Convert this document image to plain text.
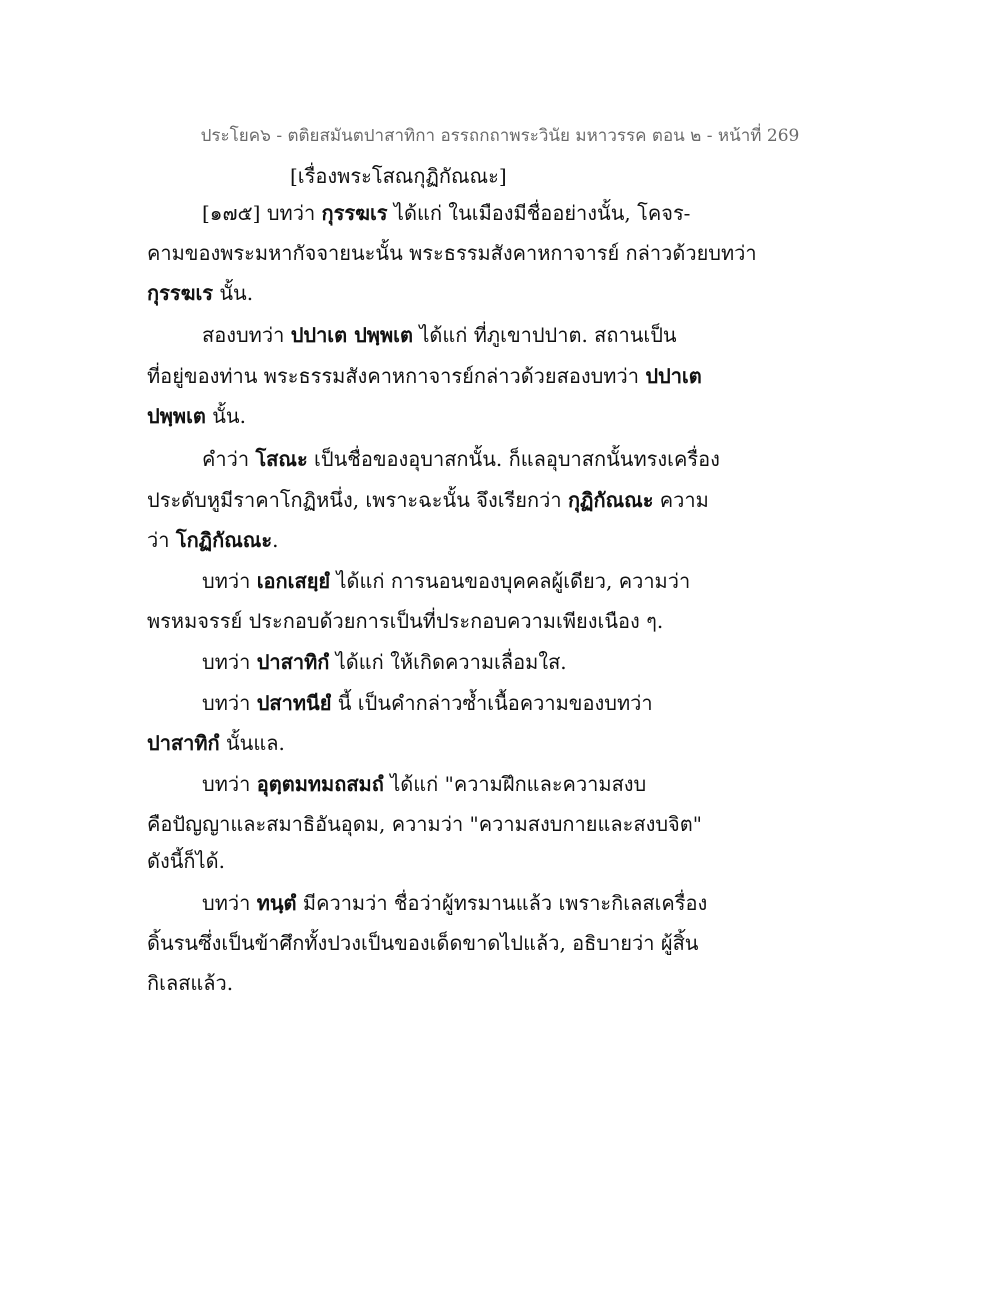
ประโยค๖ - ตติยสมันตปาสาทิกา อรรถกถาพระวินัย มหาวรรค ตอน ๒ - หน้าที่ 269
[เรื่องพระโสณกุฏิกัณณะ]
[๑๗๕] บทว่า กุรรฆเร ได้แก่ ในเมืองมีชื่ออย่างนั้น, โคจร-
คามของพระมหากัจจายนะนั้น พระธรรมสังคาหกาจารย์ กล่าวด้วยบทว่า
กุรรฆเร นั้น.
สองบทว่า ปปาเต ปพฺพเต ได้แก่ ที่ภูเขาปปาต. สถานเป็น
ที่อยู่ของท่าน พระธรรมสังคาหกาจารย์กล่าวด้วยสองบทว่า ปปาเต
ปพฺพเต นั้น.
คำว่า โสณะ เป็นชื่อของอุบาสกนั้น. ก็แลอุบาสกนั้นทรงเครื่อง
ประดับหูมีราคาโกฏิหนึ่ง, เพราะฉะนั้น จึงเรียกว่า กุฏิกัณณะ ความ
ว่า โกฏิกัณณะ.
บทว่า เอกเสยฺยํ ได้แก่ การนอนของบุคคลผู้เดียว, ความว่า
พรหมจรรย์ ประกอบด้วยการเป็นที่ประกอบความเพียงเนือง ๆ.
บทว่า ปาสาทิกํ ได้แก่ ให้เกิดความเลื่อมใส.
บทว่า ปสาทนียํ นี้ เป็นคำกล่าวซ้ำเนื้อความของบทว่า
ปาสาทิกํ นั้นแล.
บทว่า อุตฺตมทมถสมถํ ได้แก่ "ความฝึกและความสงบ
คือปัญญาและสมาธิอันอุดม, ความว่า "ความสงบกายและสงบจิต"
ดังนี้ก็ได้.
บทว่า ทนฺตํ มีความว่า ชื่อว่าผู้ทรมานแล้ว เพราะกิเลสเครื่อง
ดิ้นรนซึ่งเป็นข้าศึกทั้งปวงเป็นของเด็ดขาดไปแล้ว, อธิบายว่า ผู้สิ้น
กิเลสแล้ว.
